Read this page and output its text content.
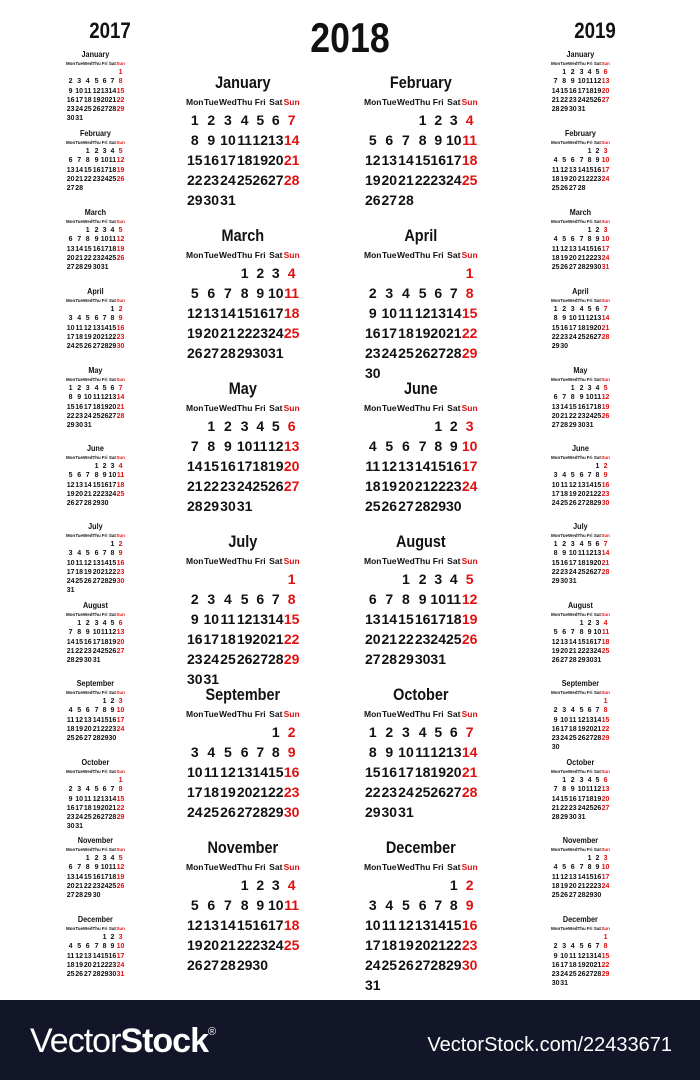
2017	2018	2019
January
Mon	Tue	Wed	Thu	Fri	Sat	Sun
						1
2	3	4	5	6	7	8
9	10	11	12	13	14	15
16	17	18	19	20	21	22
23	24	25	26	27	28	29
30	31					
February
Mon	Tue	Wed	Thu	Fri	Sat	Sun
		1	2	3	4	5
6	7	8	9	10	11	12
13	14	15	16	17	18	19
20	21	22	23	24	25	26
27	28					
March
Mon	Tue	Wed	Thu	Fri	Sat	Sun
		1	2	3	4	5
6	7	8	9	10	11	12
13	14	15	16	17	18	19
20	21	22	23	24	25	26
27	28	29	30	31		
April
Mon	Tue	Wed	Thu	Fri	Sat	Sun
					1	2
3	4	5	6	7	8	9
10	11	12	13	14	15	16
17	18	19	20	21	22	23
24	25	26	27	28	29	30
May
Mon	Tue	Wed	Thu	Fri	Sat	Sun
1	2	3	4	5	6	7
8	9	10	11	12	13	14
15	16	17	18	19	20	21
22	23	24	25	26	27	28
29	30	31				
June
Mon	Tue	Wed	Thu	Fri	Sat	Sun
			1	2	3	4
5	6	7	8	9	10	11
12	13	14	15	16	17	18
19	20	21	22	23	24	25
26	27	28	29	30		
July
Mon	Tue	Wed	Thu	Fri	Sat	Sun
					1	2
3	4	5	6	7	8	9
10	11	12	13	14	15	16
17	18	19	20	21	22	23
24	25	26	27	28	29	30
31						
August
Mon	Tue	Wed	Thu	Fri	Sat	Sun
	1	2	3	4	5	6
7	8	9	10	11	12	13
14	15	16	17	18	19	20
21	22	23	24	25	26	27
28	29	30	31			
September
Mon	Tue	Wed	Thu	Fri	Sat	Sun
				1	2	3
4	5	6	7	8	9	10
11	12	13	14	15	16	17
18	19	20	21	22	23	24
25	26	27	28	29	30	
October
Mon	Tue	Wed	Thu	Fri	Sat	Sun
						1
2	3	4	5	6	7	8
9	10	11	12	13	14	15
16	17	18	19	20	21	22
23	24	25	26	27	28	29
30	31					
November
Mon	Tue	Wed	Thu	Fri	Sat	Sun
		1	2	3	4	5
6	7	8	9	10	11	12
13	14	15	16	17	18	19
20	21	22	23	24	25	26
27	28	29	30			
December
Mon	Tue	Wed	Thu	Fri	Sat	Sun
				1	2	3
4	5	6	7	8	9	10
11	12	13	14	15	16	17
18	19	20	21	22	23	24
25	26	27	28	29	30	31
January
Mon	Tue	Wed	Thu	Fri	Sat	Sun
1	2	3	4	5	6	7
8	9	10	11	12	13	14
15	16	17	18	19	20	21
22	23	24	25	26	27	28
29	30	31				
February
Mon	Tue	Wed	Thu	Fri	Sat	Sun
			1	2	3	4
5	6	7	8	9	10	11
12	13	14	15	16	17	18
19	20	21	22	23	24	25
26	27	28				
March
Mon	Tue	Wed	Thu	Fri	Sat	Sun
			1	2	3	4
5	6	7	8	9	10	11
12	13	14	15	16	17	18
19	20	21	22	23	24	25
26	27	28	29	30	31	
April
Mon	Tue	Wed	Thu	Fri	Sat	Sun
						1
2	3	4	5	6	7	8
9	10	11	12	13	14	15
16	17	18	19	20	21	22
23	24	25	26	27	28	29
30						
May
Mon	Tue	Wed	Thu	Fri	Sat	Sun
	1	2	3	4	5	6
7	8	9	10	11	12	13
14	15	16	17	18	19	20
21	22	23	24	25	26	27
28	29	30	31			
June
Mon	Tue	Wed	Thu	Fri	Sat	Sun
				1	2	3
4	5	6	7	8	9	10
11	12	13	14	15	16	17
18	19	20	21	22	23	24
25	26	27	28	29	30	
July
Mon	Tue	Wed	Thu	Fri	Sat	Sun
						1
2	3	4	5	6	7	8
9	10	11	12	13	14	15
16	17	18	19	20	21	22
23	24	25	26	27	28	29
30	31					
August
Mon	Tue	Wed	Thu	Fri	Sat	Sun
		1	2	3	4	5
6	7	8	9	10	11	12
13	14	15	16	17	18	19
20	21	22	23	24	25	26
27	28	29	30	31		
September
Mon	Tue	Wed	Thu	Fri	Sat	Sun
					1	2
3	4	5	6	7	8	9
10	11	12	13	14	15	16
17	18	19	20	21	22	23
24	25	26	27	28	29	30
October
Mon	Tue	Wed	Thu	Fri	Sat	Sun
1	2	3	4	5	6	7
8	9	10	11	12	13	14
15	16	17	18	19	20	21
22	23	24	25	26	27	28
29	30	31				
November
Mon	Tue	Wed	Thu	Fri	Sat	Sun
			1	2	3	4
5	6	7	8	9	10	11
12	13	14	15	16	17	18
19	20	21	22	23	24	25
26	27	28	29	30		
December
Mon	Tue	Wed	Thu	Fri	Sat	Sun
					1	2
3	4	5	6	7	8	9
10	11	12	13	14	15	16
17	18	19	20	21	22	23
24	25	26	27	28	29	30
31						
January
Mon	Tue	Wed	Thu	Fri	Sat	Sun
	1	2	3	4	5	6
7	8	9	10	11	12	13
14	15	16	17	18	19	20
21	22	23	24	25	26	27
28	29	30	31			
February
Mon	Tue	Wed	Thu	Fri	Sat	Sun
				1	2	3
4	5	6	7	8	9	10
11	12	13	14	15	16	17
18	19	20	21	22	23	24
25	26	27	28			
March
Mon	Tue	Wed	Thu	Fri	Sat	Sun
				1	2	3
4	5	6	7	8	9	10
11	12	13	14	15	16	17
18	19	20	21	22	23	24
25	26	27	28	29	30	31
April
Mon	Tue	Wed	Thu	Fri	Sat	Sun
1	2	3	4	5	6	7
8	9	10	11	12	13	14
15	16	17	18	19	20	21
22	23	24	25	26	27	28
29	30					
May
Mon	Tue	Wed	Thu	Fri	Sat	Sun
		1	2	3	4	5
6	7	8	9	10	11	12
13	14	15	16	17	18	19
20	21	22	23	24	25	26
27	28	29	30	31		
June
Mon	Tue	Wed	Thu	Fri	Sat	Sun
					1	2
3	4	5	6	7	8	9
10	11	12	13	14	15	16
17	18	19	20	21	22	23
24	25	26	27	28	29	30
July
Mon	Tue	Wed	Thu	Fri	Sat	Sun
1	2	3	4	5	6	7
8	9	10	11	12	13	14
15	16	17	18	19	20	21
22	23	24	25	26	27	28
29	30	31				
August
Mon	Tue	Wed	Thu	Fri	Sat	Sun
			1	2	3	4
5	6	7	8	9	10	11
12	13	14	15	16	17	18
19	20	21	22	23	24	25
26	27	28	29	30	31	
September
Mon	Tue	Wed	Thu	Fri	Sat	Sun
						1
2	3	4	5	6	7	8
9	10	11	12	13	14	15
16	17	18	19	20	21	22
23	24	25	26	27	28	29
30						
October
Mon	Tue	Wed	Thu	Fri	Sat	Sun
	1	2	3	4	5	6
7	8	9	10	11	12	13
14	15	16	17	18	19	20
21	22	23	24	25	26	27
28	29	30	31			
November
Mon	Tue	Wed	Thu	Fri	Sat	Sun
				1	2	3
4	5	6	7	8	9	10
11	12	13	14	15	16	17
18	19	20	21	22	23	24
25	26	27	28	29	30	
December
Mon	Tue	Wed	Thu	Fri	Sat	Sun
						1
2	3	4	5	6	7	8
9	10	11	12	13	14	15
16	17	18	19	20	21	22
23	24	25	26	27	28	29
30	31					
VectorStock®
VectorStock.com/22433671
